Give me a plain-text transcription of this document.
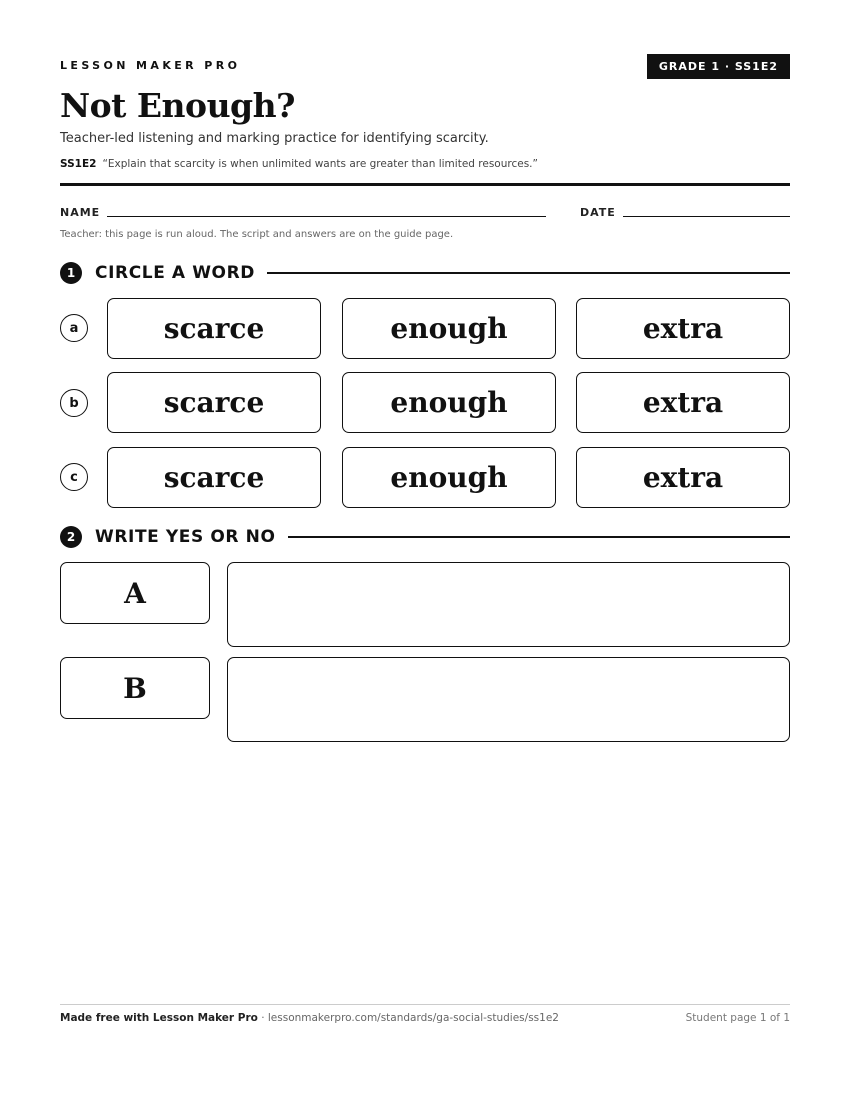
LESSON MAKER PRO	GRADE 1 · SS1E2
Not Enough?
Teacher-led listening and marking practice for identifying scarcity.
SS1E2 “Explain that scarcity is when unlimited wants are greater than limited resources.”
NAME	DATE
Teacher: this page is run aloud. The script and answers are on the guide page.
1	CIRCLE A WORD
a	scarce	enough	extra
b	scarce	enough	extra
c	scarce	enough	extra
2	WRITE YES OR NO
A
B
Made free with Lesson Maker Pro · lessonmakerpro.com/standards/ga-social-studies/ss1e2	Student page 1 of 1
